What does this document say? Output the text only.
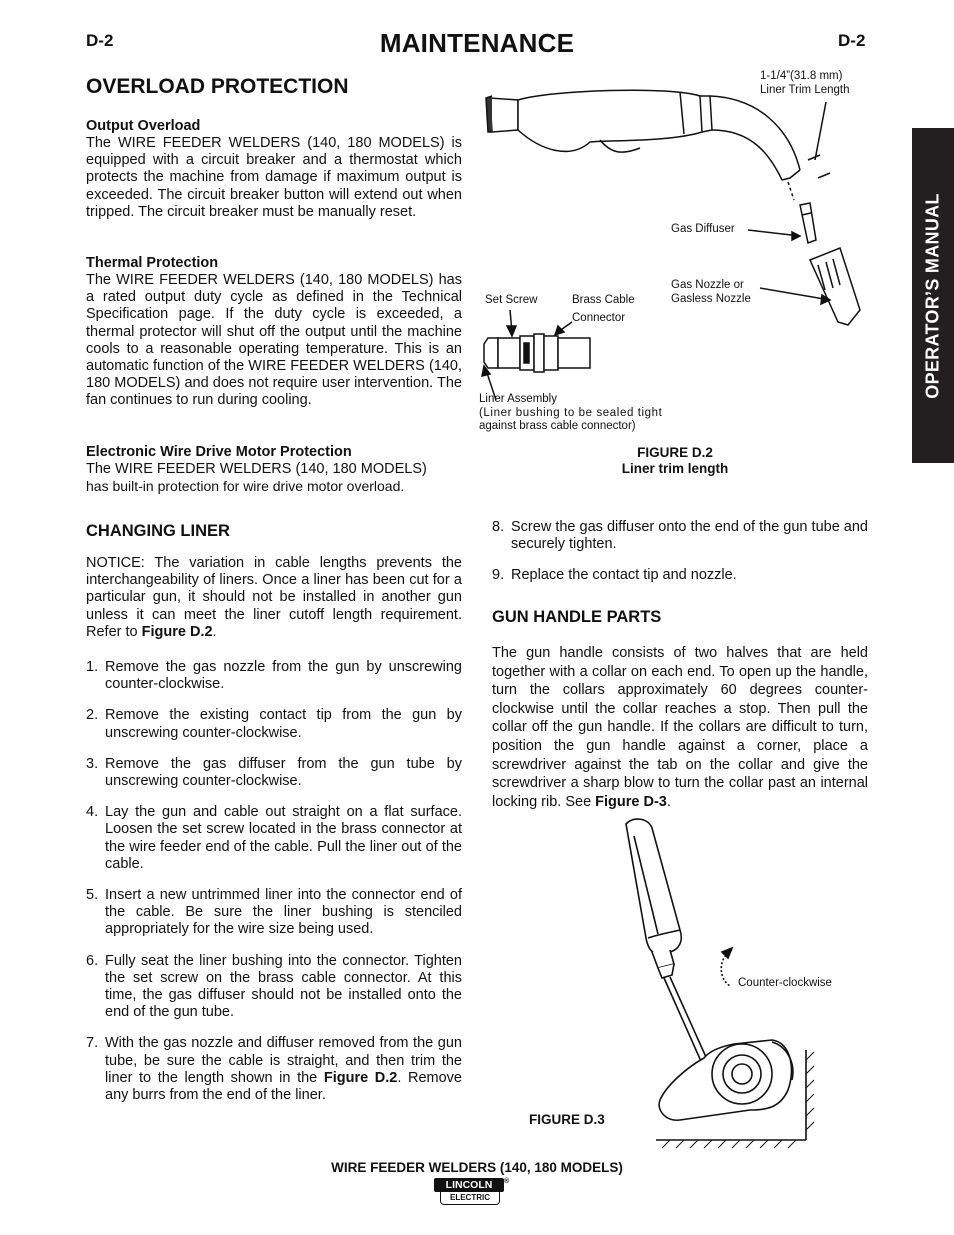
D-2	MAINTENANCE	D-2
OPERATOR’S MANUAL
OVERLOAD PROTECTION
Output Overload
The WIRE FEEDER WELDERS (140, 180 MODELS) is equipped with a circuit breaker and a thermostat which protects the machine from damage if maximum output is exceeded. The circuit breaker button will extend out when tripped. The circuit breaker must be manually reset.
Thermal Protection
The WIRE FEEDER WELDERS (140, 180 MODELS) has a rated output duty cycle as defined in the Technical Specification page. If the duty cycle is exceeded, a thermal protector will shut off the output until the machine cools to a reasonable operating temperature. This is an automatic function of the WIRE FEEDER WELDERS (140, 180 MODELS) and does not require user intervention. The fan continues to run during cooling.
Electronic Wire Drive Motor Protection
The WIRE FEEDER WELDERS (140, 180 MODELS)
has built-in protection for wire drive motor overload.
CHANGING LINER
NOTICE: The variation in cable lengths prevents the interchangeability of liners. Once a liner has been cut for a particular gun, it should not be installed in another gun unless it can meet the liner cutoff length requirement. Refer to Figure D.2.
1. Remove the gas nozzle from the gun by unscrewing counter-clockwise.
2. Remove the existing contact tip from the gun by unscrewing counter-clockwise.
3. Remove the gas diffuser from the gun tube by unscrewing counter-clockwise.
4. Lay the gun and cable out straight on a flat surface. Loosen the set screw located in the brass connector at the wire feeder end of the cable. Pull the liner out of the cable.
5. Insert a new untrimmed liner into the connector end of the cable. Be sure the liner bushing is stenciled appropriately for the wire size being used.
6. Fully seat the liner bushing into the connector. Tighten the set screw on the brass cable connector. At this time, the gas diffuser should not be installed onto the end of the gun tube.
7. With the gas nozzle and diffuser removed from the gun tube, be sure the cable is straight, and then trim the liner to the length shown in the Figure D.2. Remove any burrs from the end of the liner.
8. Screw the gas diffuser onto the end of the gun tube and securely tighten.
9. Replace the contact tip and nozzle.
GUN HANDLE PARTS
The gun handle consists of two halves that are held together with a collar on each end. To open up the handle, turn the collars approximately 60 degrees counter-clockwise until the collar reaches a stop. Then pull the collar off the gun handle. If the collars are difficult to turn, position the gun handle against a corner, place a screwdriver against the tab on the collar and give the screwdriver a sharp blow to turn the collar past an internal locking rib. See Figure D-3.
1-1/4”(31.8 mm)
Liner Trim Length
Gas Diffuser
Gas Nozzle or
Gasless Nozzle
Set Screw	Brass Cable
Connector
Liner Assembly
(Liner bushing to be sealed tight
against brass cable connector)
FIGURE D.2
Liner trim length
Counter-clockwise
FIGURE D.3
WIRE FEEDER WELDERS (140, 180 MODELS)
LINCOLN	®
ELECTRIC
